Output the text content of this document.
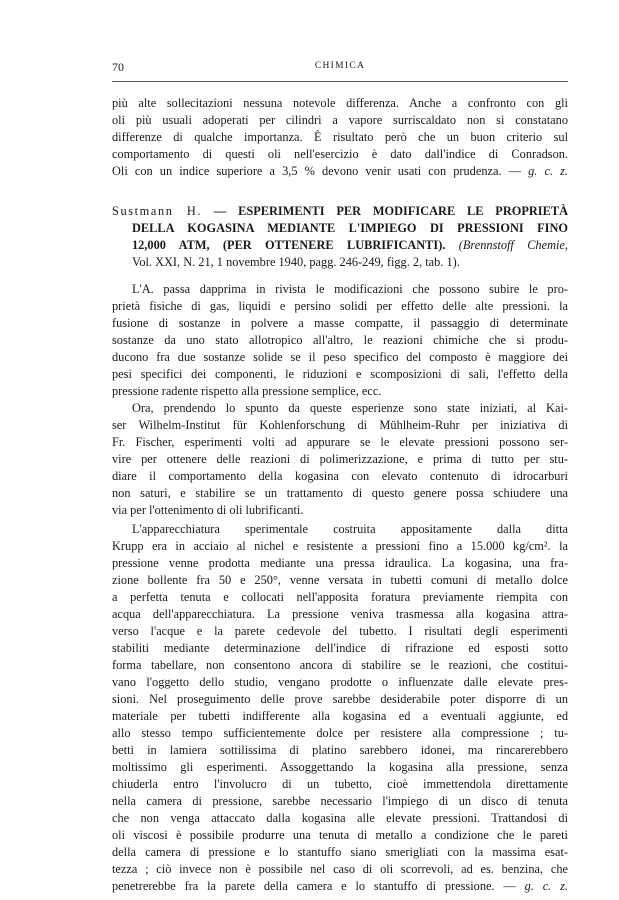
70	CHIMICA
più alte sollecitazioni nessuna notevole differenza. Anche a confronto con gli
oli più usuali adoperati per cilindri a vapore surriscaldato non si constatano
differenze di qualche importanza. È risultato però che un buon criterio sul
comportamento di questi oli nell'esercizio è dato dall'indice di Conradson.
Oli con un indice superiore a 3,5 % devono venir usati con prudenza. — g. c. z.
Sustmann H. — ESPERIMENTI PER MODIFICARE LE PROPRIETÀ
DELLA KOGASINA MEDIANTE L'IMPIEGO DI PRESSIONI FINO
12,000 ATM, (PER OTTENERE LUBRIFICANTI). (Brennstoff Chemie,
Vol. XXI, N. 21, 1 novembre 1940, pagg. 246-249, figg. 2, tab. 1).
L'A. passa dapprima in rivista le modificazioni che possono subire le pro-
prietà fisiche di gas, liquidi e persino solidi per effetto delle alte pressioni. la
fusione di sostanze in polvere a masse compatte, il passaggio di determinate
sostanze da uno stato allotropico all'altro, le reazioni chimiche che si produ-
ducono fra due sostanze solide se il peso specifico del composto è maggiore dei
pesi specifici dei componenti, le riduzioni e scomposizioni di sali, l'effetto della
pressione radente rispetto alla pressione semplice, ecc.
Ora, prendendo lo spunto da queste esperienze sono state iniziati, al Kai-
ser Wilhelm-Institut für Kohlenforschung di Mühlheim-Ruhr per iniziativa di
Fr. Fischer, esperimenti volti ad appurare se le elevate pressioni possono ser-
vire per ottenere delle reazioni di polimerizzazione, e prima di tutto per stu-
diare il comportamento della kogasina con elevato contenuto di idrocarburi
non saturi, e stabilire se un trattamento di questo genere possa schiudere una
via per l'ottenimento di oli lubrificanti.
L'apparecchiatura sperimentale costruita appositamente dalla ditta
Krupp era in acciaio al nichel e resistente a pressioni fino a 15.000 kg/cm². la
pressione venne prodotta mediante una pressa idraulica. La kogasina, una fra-
zione bollente fra 50 e 250°, venne versata in tubetti comuni di metallo dolce
a perfetta tenuta e collocati nell'apposita foratura previamente riempita con
acqua dell'apparecchiatura. La pressione veniva trasmessa alla kogasina attra-
verso l'acque e la parete cedevole del tubetto. I risultati degli esperimenti
stabiliti mediante determinazione dell'indice di rifrazione ed esposti sotto
forma tabellare, non consentono ancora di stabilire se le reazioni, che costitui-
vano l'oggetto dello studio, vengano prodotte o influenzate dalle elevate pres-
sioni. Nel proseguimento delle prove sarebbe desiderabile poter disporre di un
materiale per tubetti indifferente alla kogasina ed a eventuali aggiunte, ed
allo stesso tempo sufficientemente dolce per resistere alla compressione ; tu-
betti in lamiera sottilissima di platino sarebbero idonei, ma rincarerebbero
moltissimo gli esperimenti. Assoggettando la kogasina alla pressione, senza
chiuderla entro l'involucro di un tubetto, cioè immettendola direttamente
nella camera di pressione, sarebbe necessario l'impiego di un disco di tenuta
che non venga attaccato dalla kogasina alle elevate pressioni. Trattandosi di
oli viscosi è possibile produrre una tenuta di metallo a condizione che le pareti
della camera di pressione e lo stantuffo siano smerigliati con la massima esat-
tezza ; ciò invece non è possibile nel caso di oli scorrevoli, ad es. benzina, che
penetrerebbe fra la parete della camera e lo stantuffo di pressione. — g. c. z.
